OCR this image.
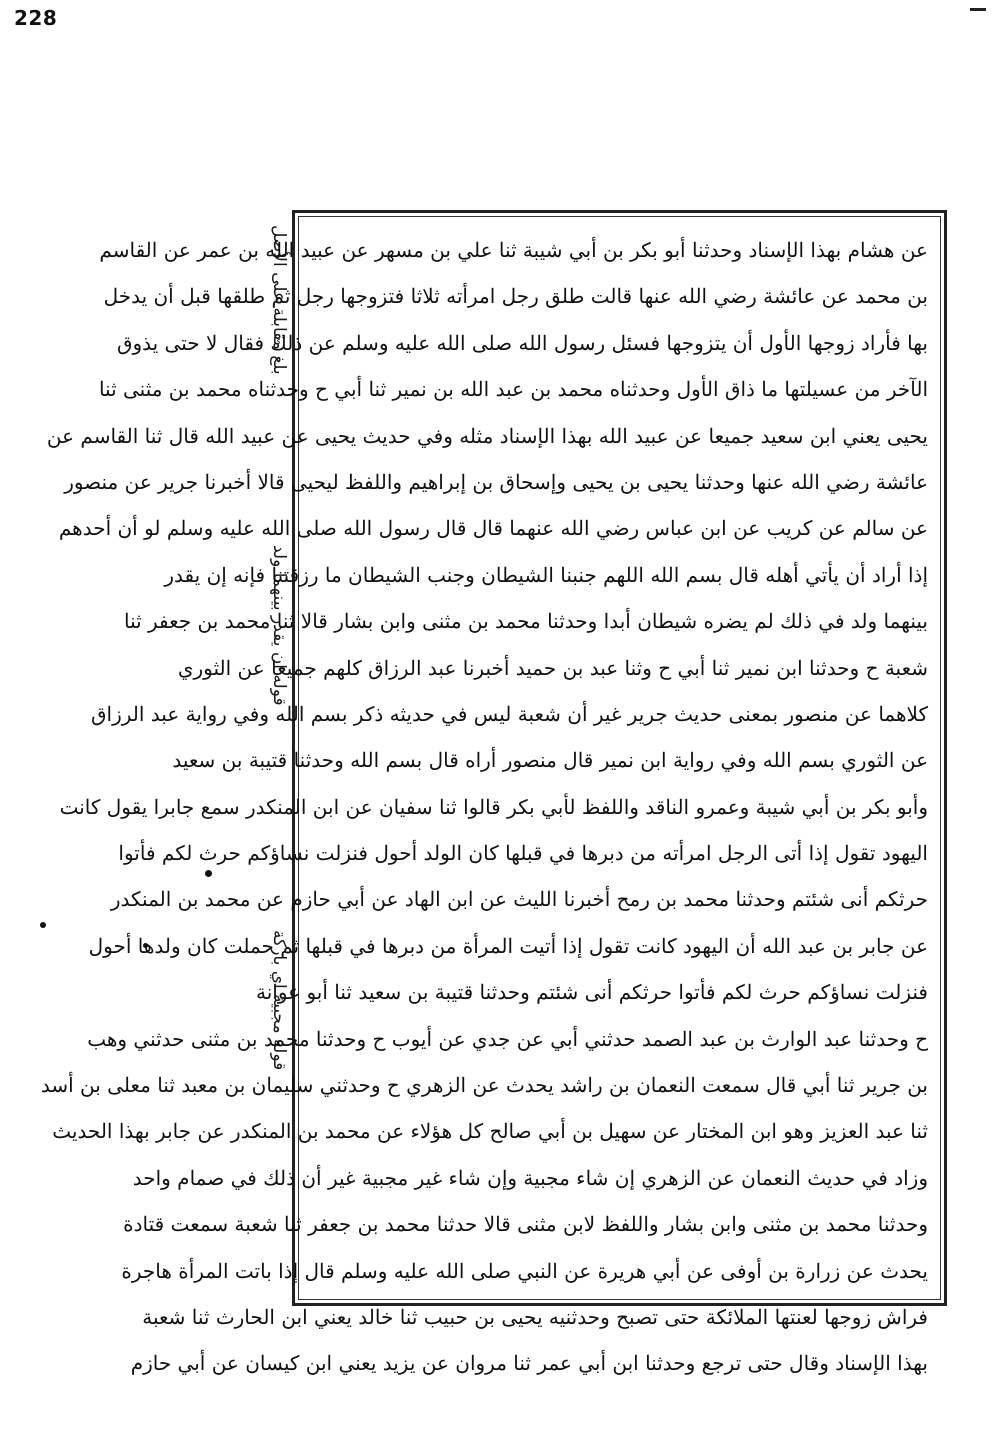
228
بلغ مقابلة على الأصل
قوله ان يقدر بينهما ولد
قوله مجبية اي باركة
عن هشام بهذا الإسناد وحدثنا أبو بكر بن أبي شيبة ثنا علي بن مسهر عن عبيد الله بن عمر عن القاسم
بن محمد عن عائشة رضي الله عنها قالت طلق رجل امرأته ثلاثا فتزوجها رجل ثم طلقها قبل أن يدخل
بها فأراد زوجها الأول أن يتزوجها فسئل رسول الله صلى الله عليه وسلم عن ذلك فقال لا حتى يذوق
الآخر من عسيلتها ما ذاق الأول وحدثناه محمد بن عبد الله بن نمير ثنا أبي ح وحدثناه محمد بن مثنى ثنا
يحيى يعني ابن سعيد جميعا عن عبيد الله بهذا الإسناد مثله وفي حديث يحيى عن عبيد الله قال ثنا القاسم عن
عائشة رضي الله عنها وحدثنا يحيى بن يحيى وإسحاق بن إبراهيم واللفظ ليحيى قالا أخبرنا جرير عن منصور
عن سالم عن كريب عن ابن عباس رضي الله عنهما قال قال رسول الله صلى الله عليه وسلم لو أن أحدهم
إذا أراد أن يأتي أهله قال بسم الله اللهم جنبنا الشيطان وجنب الشيطان ما رزقتنا فإنه إن يقدر
بينهما ولد في ذلك لم يضره شيطان أبدا وحدثنا محمد بن مثنى وابن بشار قالا ثنا محمد بن جعفر ثنا
شعبة ح وحدثنا ابن نمير ثنا أبي ح وثنا عبد بن حميد أخبرنا عبد الرزاق كلهم جميعا عن الثوري
كلاهما عن منصور بمعنى حديث جرير غير أن شعبة ليس في حديثه ذكر بسم الله وفي رواية عبد الرزاق
عن الثوري بسم الله وفي رواية ابن نمير قال منصور أراه قال بسم الله وحدثنا قتيبة بن سعيد
وأبو بكر بن أبي شيبة وعمرو الناقد واللفظ لأبي بكر قالوا ثنا سفيان عن ابن المنكدر سمع جابرا يقول كانت
اليهود تقول إذا أتى الرجل امرأته من دبرها في قبلها كان الولد أحول فنزلت نساؤكم حرث لكم فأتوا
حرثكم أنى شئتم وحدثنا محمد بن رمح أخبرنا الليث عن ابن الهاد عن أبي حازم عن محمد بن المنكدر
عن جابر بن عبد الله أن اليهود كانت تقول إذا أتيت المرأة من دبرها في قبلها ثم حملت كان ولدها أحول
فنزلت نساؤكم حرث لكم فأتوا حرثكم أنى شئتم وحدثنا قتيبة بن سعيد ثنا أبو عوانة
ح وحدثنا عبد الوارث بن عبد الصمد حدثني أبي عن جدي عن أيوب ح وحدثنا محمد بن مثنى حدثني وهب
بن جرير ثنا أبي قال سمعت النعمان بن راشد يحدث عن الزهري ح وحدثني سليمان بن معبد ثنا معلى بن أسد
ثنا عبد العزيز وهو ابن المختار عن سهيل بن أبي صالح كل هؤلاء عن محمد بن المنكدر عن جابر بهذا الحديث
وزاد في حديث النعمان عن الزهري إن شاء مجبية وإن شاء غير مجبية غير أن ذلك في صمام واحد
وحدثنا محمد بن مثنى وابن بشار واللفظ لابن مثنى قالا حدثنا محمد بن جعفر ثنا شعبة سمعت قتادة
يحدث عن زرارة بن أوفى عن أبي هريرة عن النبي صلى الله عليه وسلم قال إذا باتت المرأة هاجرة
فراش زوجها لعنتها الملائكة حتى تصبح وحدثنيه يحيى بن حبيب ثنا خالد يعني ابن الحارث ثنا شعبة
بهذا الإسناد وقال حتى ترجع وحدثنا ابن أبي عمر ثنا مروان عن يزيد يعني ابن كيسان عن أبي حازم
